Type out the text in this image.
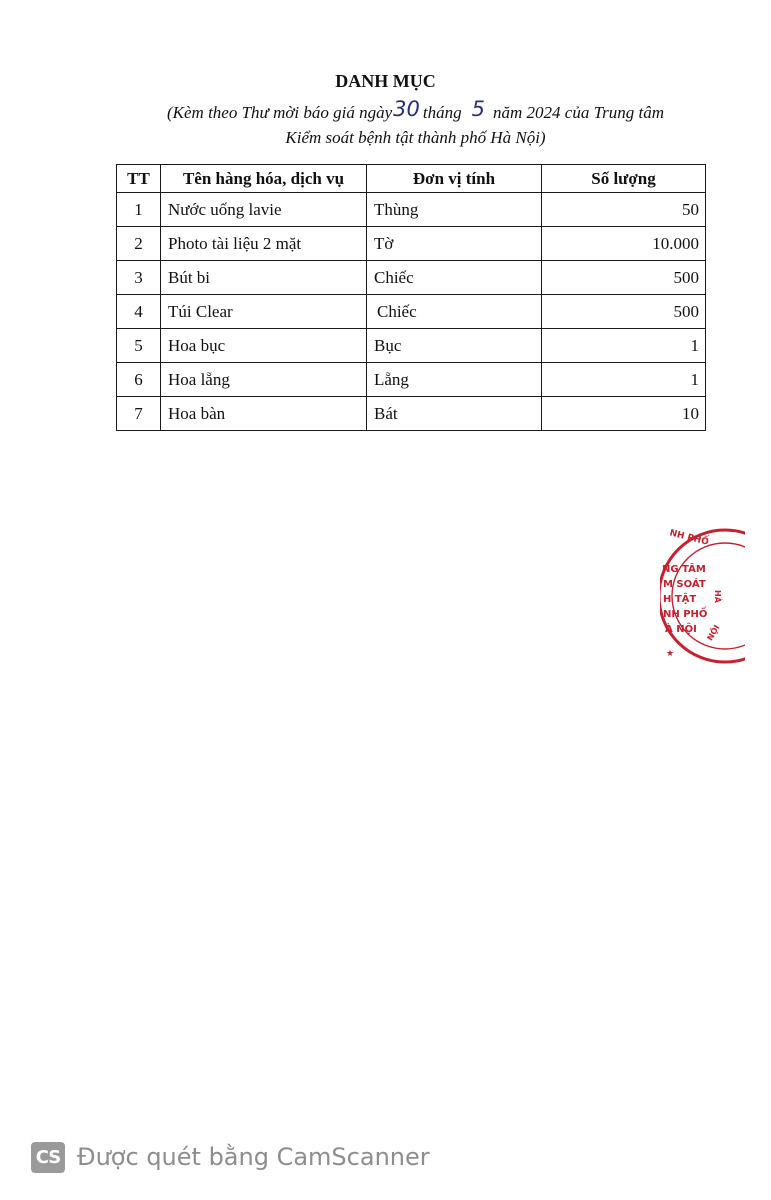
DANH MỤC
(Kèm theo Thư mời báo giá ngày30 tháng 5 năm 2024 của Trung tâm
Kiểm soát bệnh tật thành phố Hà Nội)
TT	Tên hàng hóa, dịch vụ	Đơn vị tính	Số lượng
1	Nước uống lavie	Thùng	50
2	Photo tài liệu 2 mặt	Tờ	10.000
3	Bút bi	Chiếc	500
4	Túi Clear	Chiếc	500
5	Hoa bục	Bục	1
6	Hoa lẵng	Lẵng	1
7	Hoa bàn	Bát	10
NH PHỐ
HÀ
NỘI
NG TÂM
M SOÁT
H TẬT
NH PHỐ
À NỘI
★
CS Được quét bằng CamScanner
